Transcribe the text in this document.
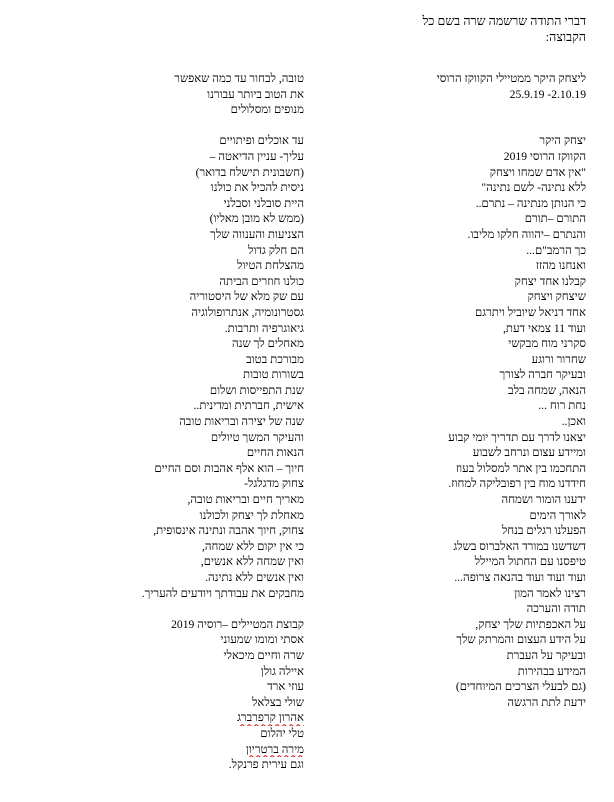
דברי התודה שרשמה שרה בשם כל
הקבוצה:
ליצחק היקר ממטיילי הקווקז הרוסי
2.10.19- 25.9.19
יצחק היקר
הקווקז הרוסי 2019
"אין אדם שמחו ויצחק
ללא נתינה- לשם נתינה"
כי הנותן מנתינה – נתרם..
התורם –תורם
והנתרם –יהווה חלקו מליבו.
כך הרמב"ם...
ואנחנו מהזז
קבלנו אחד יצחק
שיצחק ויצחק
אחד דניאל שיוביל ויתרגם
ועוד 11 צמאי דעת,
סקרני מוח מבקשי
שחרור ורוגע
ובעיקר חברה לצורך
הנאה, שמחה בלב
נחת רוח ...
ואכן..
יצאנו לדרך עם תדריך יומי קבוע
ומיידע עצום ונרחב לשבוע
התחכמו בין אתר למסלול בעוז
חידדנו מוח בין רפובליקה למחוז.
ידענו הומור ושמחה
לאורך הימים
הפעלנו רגלים בנחל
דשדשנו במורד האלברוס בשלג
טיפסנו עם החתול המיילל
ועוד ועוד ועוד בהנאה צרופה...
רצינו לאמר המון
תודה והערכה
על האכפתיות שלך יצחק,
על הידע העצום והמרתק שלך
ובעיקר על העברת
המידע בבהירות
(גם לבעלי הצרכים המיוחדים)
ידעת לתת הרגשה
טובה, לבחור עד כמה שאפשר
את הטוב ביותר עבורנו
מנופים ומסלולים
עד אוכלים ופיתויים
עליך- עניין הדיאטה –
(חשבונית תישלח בדואר)
ניסית להכיל את כולנו
היית סובלני וסבלני
(ממש לא מובן מאליו)
הצניעות והענווה שלך
הם חלק גדול
מהצלחת הטיול
כולנו חוזרים הביתה
עם שק מלא של היסטוריה
גסטרונומיה, אנתרופולוגיה
גיאוגרפיה ותרבות.
מאחלים לך שנה
מבורכת בטוב
בשורות טובות
שנת התפייסות ושלום
אישית, חברתית ומדינית..
שנה של יצירה ובריאות טובה
והעיקר המשך טיולים
הנאות החיים
חיוך – הוא אלף אהבות וסם החיים
צחוק מדגלגל-
מאריך חיים ובריאות טובה,
מאחלת לך יצחק ולכולנו
צחוק, חיוך אהבה ונתינה אינסופית,
כי אין יקום ללא שמחה,
ואין שמחה ללא אנשים,
ואין אנשים ללא נתינה.
מחבקים את עבודתך ויודעים להעריך.
קבוצת המטיילים –רוסיה 2019
אסתי ומומו שמעוני
שרה וחיים מיכאלי
איילה גולן
עוזי ארד
שולי בצלאל
אהרון קרפרברג
טלי יהלום
מירה ברטריון
וגם עירית פרנקל.
